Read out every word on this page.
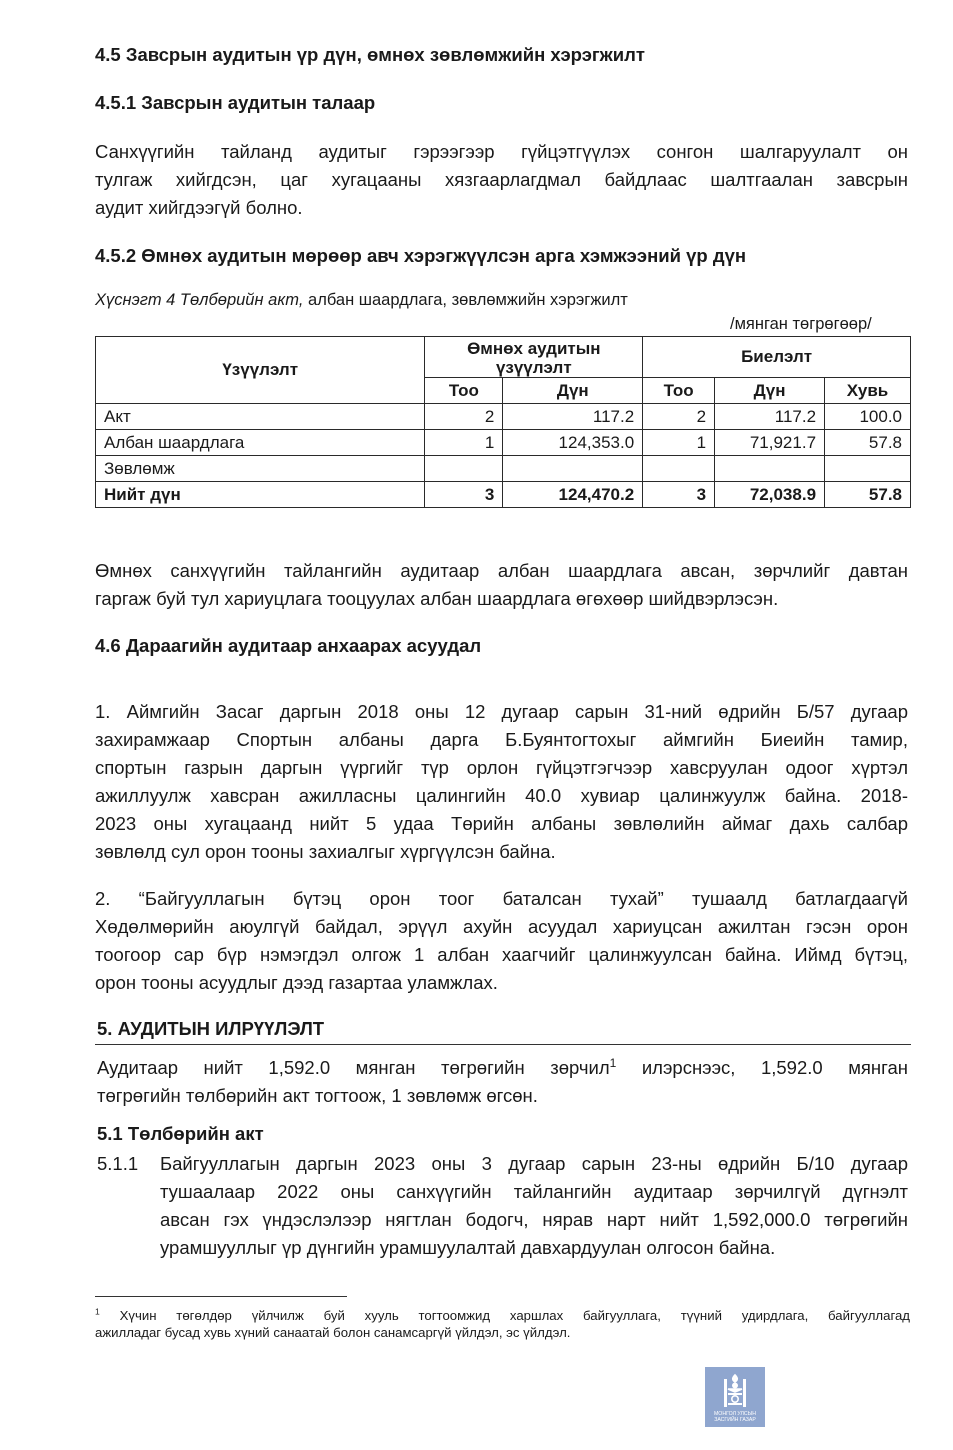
4.5 Завсрын аудитын үр дүн, өмнөх зөвлөмжийн хэрэгжилт
4.5.1 Завсрын аудитын талаар
Санхүүгийн тайланд аудитыг гэрээгээр гүйцэтгүүлэх сонгон шалгаруулалт он
тулгаж хийгдсэн, цаг хугацааны хязгаарлагдмал байдлаас шалтгаалан завсрын
аудит хийгдээгүй болно.
4.5.2 Өмнөх аудитын мөрөөр авч хэрэгжүүлсэн арга хэмжээний үр дүн
Хүснэгт 4 Төлбөрийн акт, албан шаардлага, зөвлөмжийн хэрэгжилт
/мянган төгрөгөөр/
Үзүүлэлт	Өмнөх аудитын үзүүлэлт		Биелэлт		
	Тоо	Дүн	Тоо	Дүн	Хувь
Акт	2	117.2	2	117.2	100.0
Албан шаардлага	1	124,353.0	1	71,921.7	57.8
Зөвлөмж					
Нийт дүн	3	124,470.2	3	72,038.9	57.8
Өмнөх санхүүгийн тайлангийн аудитаар албан шаардлага авсан, зөрчлийг давтан
гаргаж буй тул хариуцлага тооцуулах албан шаардлага өгөхөөр шийдвэрлэсэн.
4.6 Дараагийн аудитаар анхаарах асуудал
1. Аймгийн Засаг даргын 2018 оны 12 дугаар сарын 31-ний өдрийн Б/57 дугаар
захирамжаар Спортын албаны дарга Б.Буянтогтохыг аймгийн Биеийн тамир,
спортын газрын даргын үүргийг түр орлон гүйцэтгэгчээр хавсруулан одоог хүртэл
ажиллуулж хавсран ажилласны цалингийн 40.0 хувиар цалинжуулж байна. 2018-
2023 оны хугацаанд нийт 5 удаа Төрийн албаны зөвлөлийн аймаг дахь салбар
зөвлөлд сул орон тооны захиалгыг хүргүүлсэн байна.
2. “Байгууллагын бүтэц орон тоог баталсан тухай” тушаалд батлагдаагүй
Хөдөлмөрийн аюулгүй байдал, эрүүл ахуйн асуудал хариуцсан ажилтан гэсэн орон
тоогоор сар бүр нэмэгдэл олгож 1 албан хаагчийг цалинжуулсан байна. Иймд бүтэц,
орон тооны асуудлыг дээд газартаа уламжлах.
5. АУДИТЫН ИЛРҮҮЛЭЛТ
Аудитаар нийт 1,592.0 мянган төгрөгийн зөрчил$^1$ илэрснээс, 1,592.0 мянган
төгрөгийн төлбөрийн акт тогтоож, 1 зөвлөмж өгсөн.
5.1 Төлбөрийн акт
5.1.1 Байгууллагын даргын 2023 оны 3 дугаар сарын 23-ны өдрийн Б/10 дугаар
тушаалаар 2022 оны санхүүгийн тайлангийн аудитаар зөрчилгүй дүгнэлт
авсан гэх үндэслэлээр нягтлан бодогч, нярав нарт нийт 1,592,000.0 төгрөгийн
урамшууллыг үр дүнгийн урамшуулалтай давхардуулан олгосон байна.
$^1$ Хүчин төгөлдөр үйлчилж буй хууль тогтоомжид харшлах байгууллага, түүний удирдлага, байгууллагад
ажилладаг бусад хувь хүний санаатай болон санамсаргүй үйлдэл, эс үйлдэл.
МОНГОЛ УЛСЫН
ЗАСГИЙН ГАЗАР
